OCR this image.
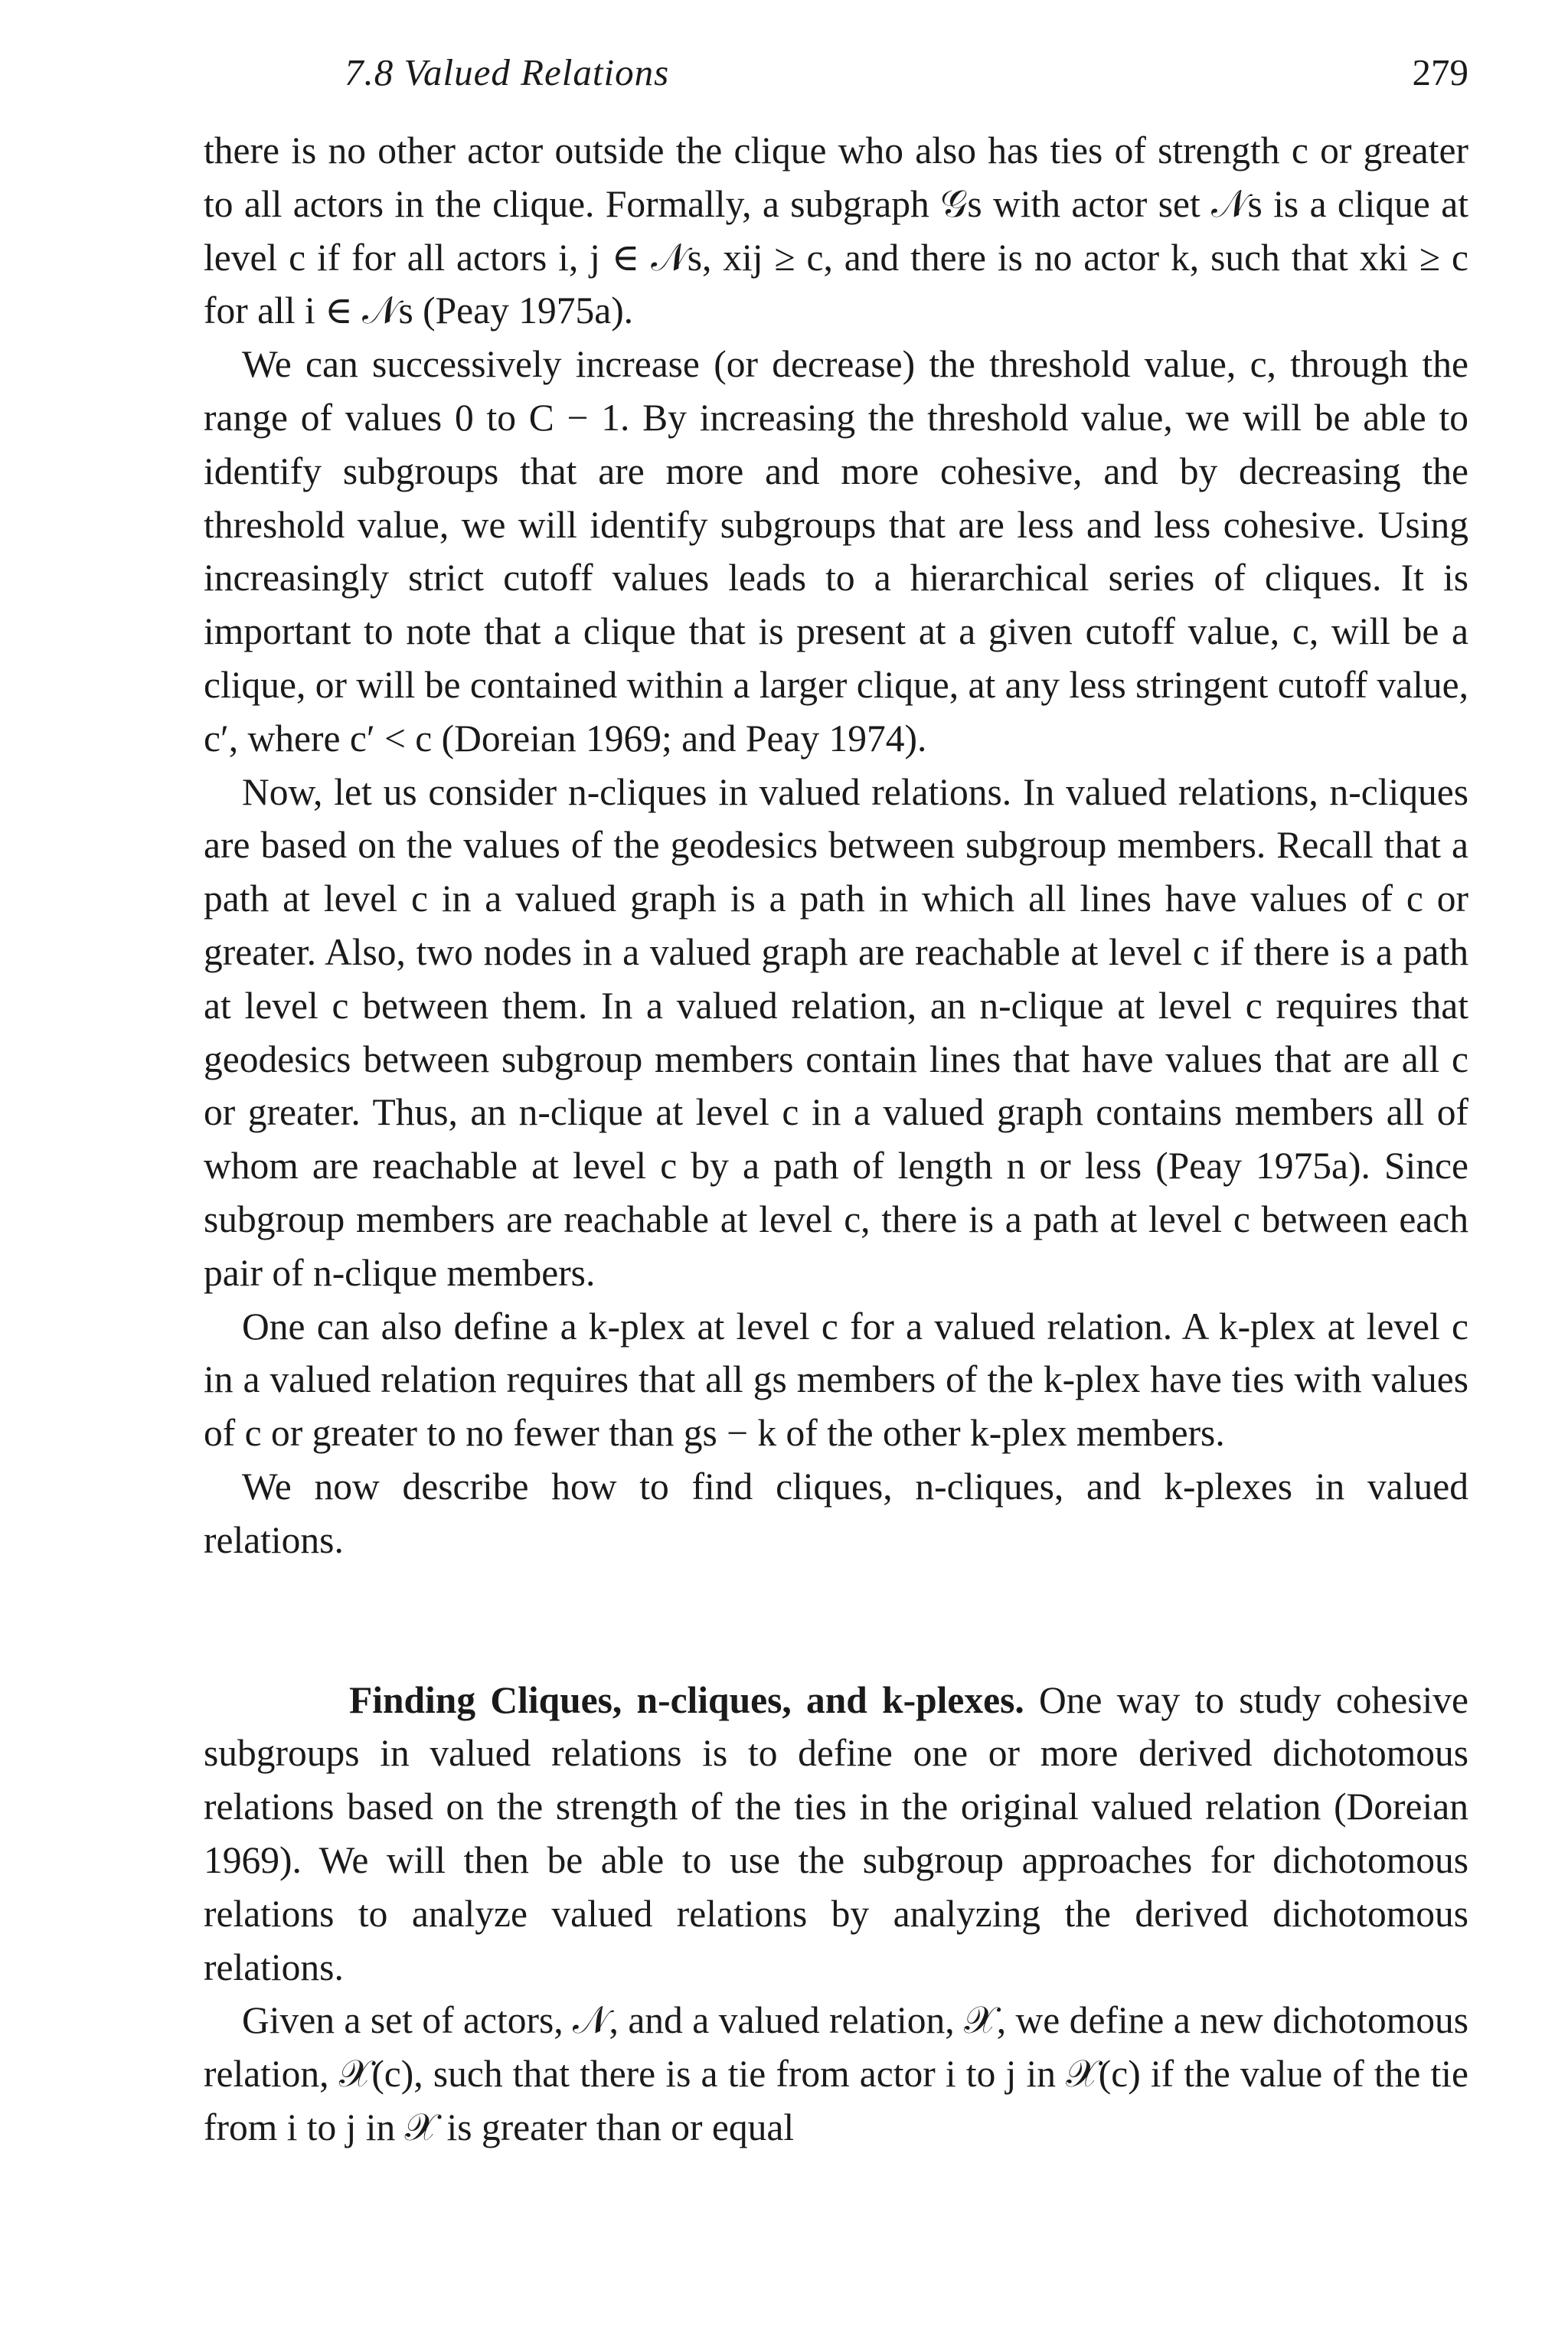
7.8 Valued Relations	279

there is no other actor outside the clique who also has ties of strength c or greater to all actors in the clique. Formally, a subgraph 𝒢s with actor set 𝒩s is a clique at level c if for all actors i, j ∈ 𝒩s, xij ≥ c, and there is no actor k, such that xki ≥ c for all i ∈ 𝒩s (Peay 1975a).

We can successively increase (or decrease) the threshold value, c, through the range of values 0 to C − 1. By increasing the threshold value, we will be able to identify subgroups that are more and more cohesive, and by decreasing the threshold value, we will identify subgroups that are less and less cohesive. Using increasingly strict cutoff values leads to a hierarchical series of cliques. It is important to note that a clique that is present at a given cutoff value, c, will be a clique, or will be contained within a larger clique, at any less stringent cutoff value, c′, where c′ < c (Doreian 1969; and Peay 1974).

Now, let us consider n-cliques in valued relations. In valued relations, n-cliques are based on the values of the geodesics between subgroup members. Recall that a path at level c in a valued graph is a path in which all lines have values of c or greater. Also, two nodes in a valued graph are reachable at level c if there is a path at level c between them. In a valued relation, an n-clique at level c requires that geodesics between subgroup members contain lines that have values that are all c or greater. Thus, an n-clique at level c in a valued graph contains members all of whom are reachable at level c by a path of length n or less (Peay 1975a). Since subgroup members are reachable at level c, there is a path at level c between each pair of n-clique members.

One can also define a k-plex at level c for a valued relation. A k-plex at level c in a valued relation requires that all gs members of the k-plex have ties with values of c or greater to no fewer than gs − k of the other k-plex members.

We now describe how to find cliques, n-cliques, and k-plexes in valued relations.

Finding Cliques, n-cliques, and k-plexes. One way to study cohesive subgroups in valued relations is to define one or more derived dichotomous relations based on the strength of the ties in the original valued relation (Doreian 1969). We will then be able to use the subgroup approaches for dichotomous relations to analyze valued relations by analyzing the derived dichotomous relations.

Given a set of actors, 𝒩, and a valued relation, 𝒳, we define a new dichotomous relation, 𝒳(c), such that there is a tie from actor i to j in 𝒳(c) if the value of the tie from i to j in 𝒳 is greater than or equal
